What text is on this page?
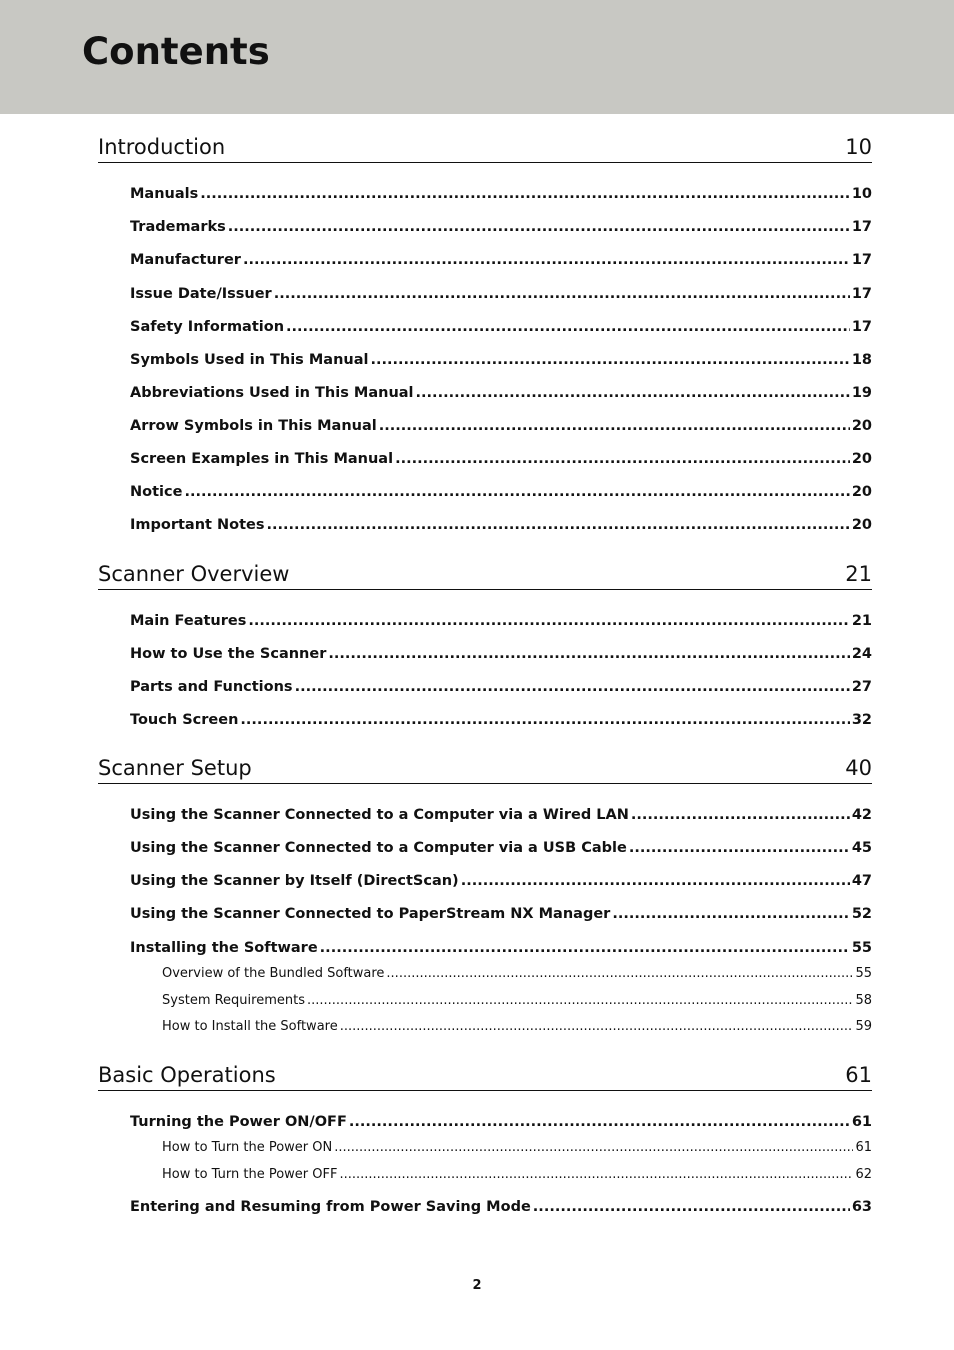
Contents
Introduction	10
Manuals .....	10
Trademarks .....	17
Manufacturer .....	17
Issue Date/Issuer .....	17
Safety Information .....	17
Symbols Used in This Manual .....	18
Abbreviations Used in This Manual .....	19
Arrow Symbols in This Manual .....	20
Screen Examples in This Manual .....	20
Notice .....	20
Important Notes .....	20
Scanner Overview	21
Main Features .....	21
How to Use the Scanner .....	24
Parts and Functions .....	27
Touch Screen .....	32
Scanner Setup	40
Using the Scanner Connected to a Computer via a Wired LAN .....	42
Using the Scanner Connected to a Computer via a USB Cable .....	45
Using the Scanner by Itself (DirectScan) .....	47
Using the Scanner Connected to PaperStream NX Manager .....	52
Installing the Software .....	55
Overview of the Bundled Software .....	55
System Requirements .....	58
How to Install the Software .....	59
Basic Operations	61
Turning the Power ON/OFF .....	61
How to Turn the Power ON .....	61
How to Turn the Power OFF .....	62
Entering and Resuming from Power Saving Mode .....	63
2
